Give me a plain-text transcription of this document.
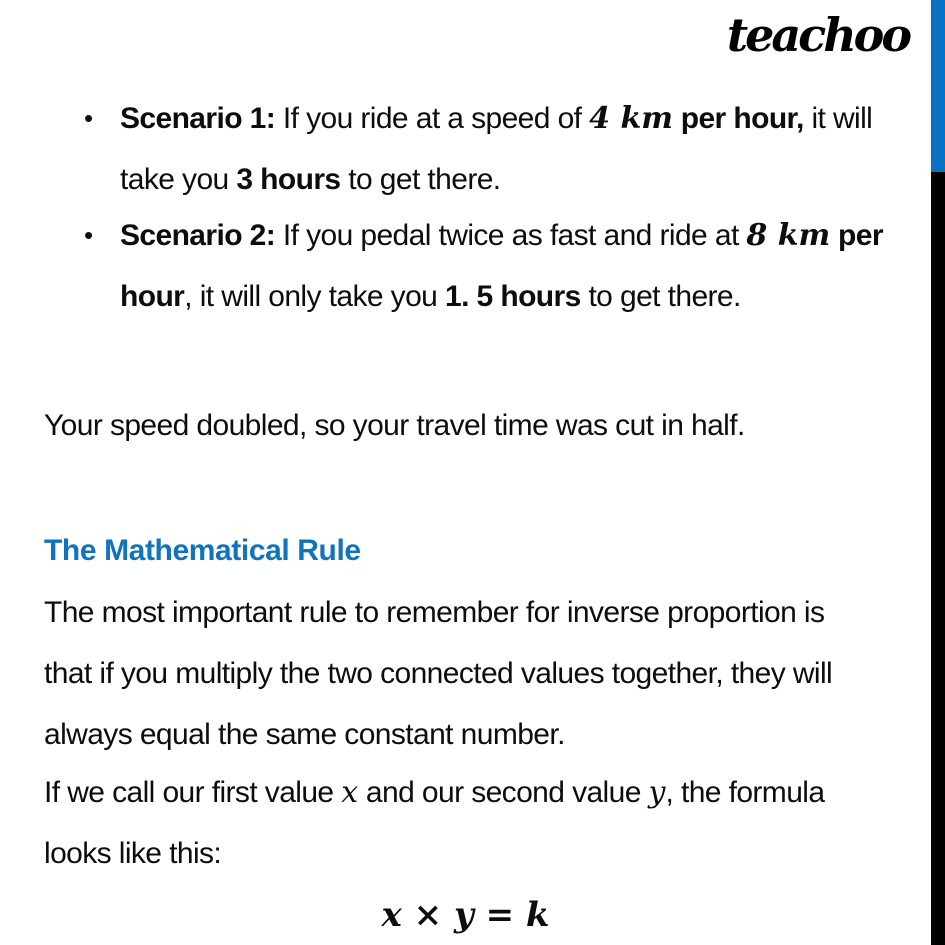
teachoo
• Scenario 1: If you ride at a speed of 4 km per hour, it will
take you 3 hours to get there.
• Scenario 2: If you pedal twice as fast and ride at 8 km per
hour, it will only take you 1. 5 hours to get there.
Your speed doubled, so your travel time was cut in half.
The Mathematical Rule
The most important rule to remember for inverse proportion is
that if you multiply the two connected values together, they will
always equal the same constant number.
If we call our first value x and our second value y, the formula
looks like this:
x × y = k
